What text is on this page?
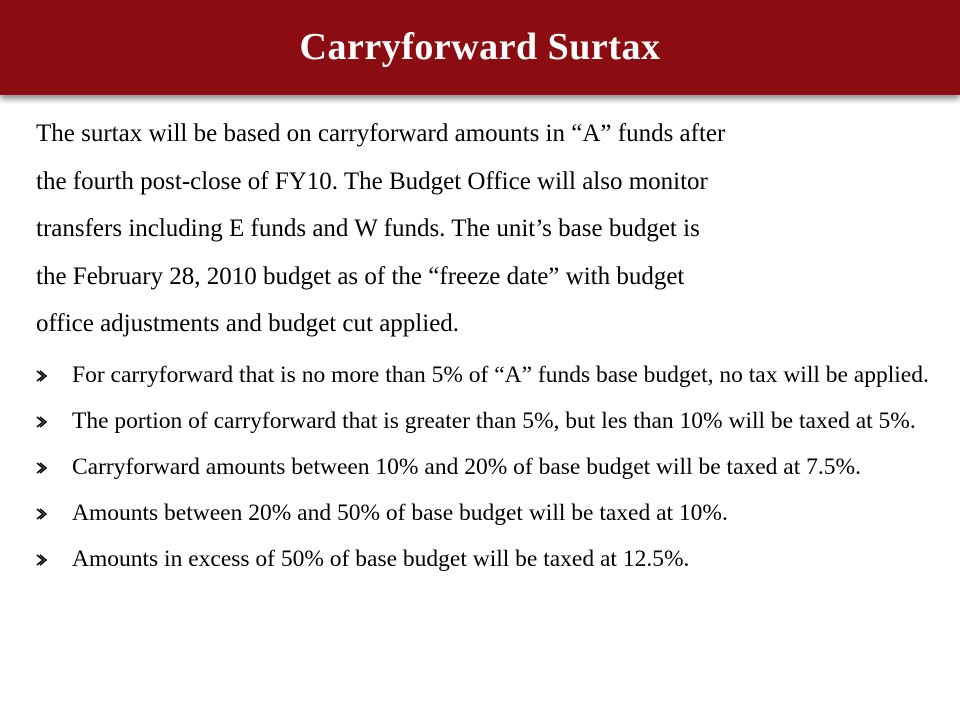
Carryforward Surtax

The surtax will be based on carryforward amounts in “A” funds after
the fourth post-close of FY10. The Budget Office will also monitor
transfers including E funds and W funds. The unit’s base budget is
the February 28, 2010 budget as of the “freeze date” with budget
office adjustments and budget cut applied.

For carryforward that is no more than 5% of “A” funds base budget, no tax will be applied.
The portion of carryforward that is greater than 5%, but les than 10% will be taxed at 5%.
Carryforward amounts between 10% and 20% of base budget will be taxed at 7.5%.
Amounts between 20% and 50% of base budget will be taxed at 10%.
Amounts in excess of 50% of base budget will be taxed at 12.5%.
